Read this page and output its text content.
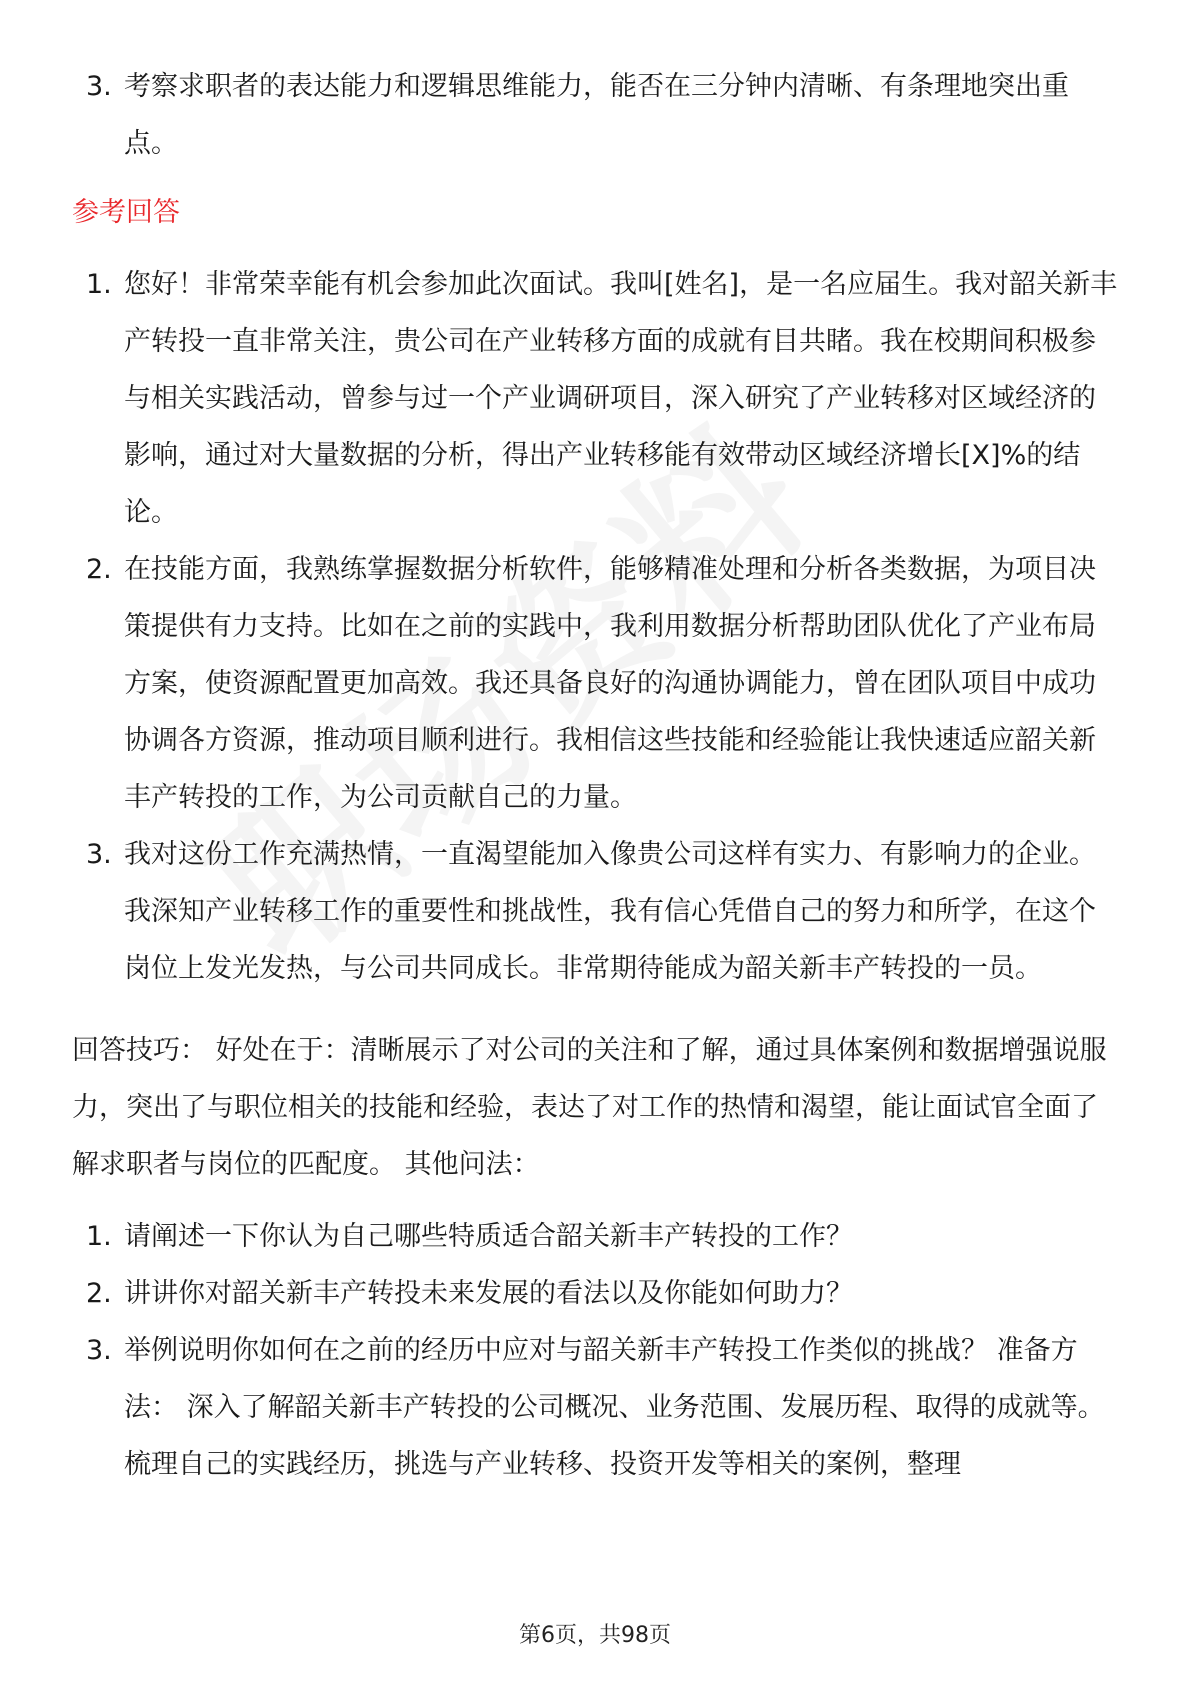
3. 考察求职者的表达能力和逻辑思维能力，能否在三分钟内清晰、有条理地突出重点。
参考回答
1. 您好！非常荣幸能有机会参加此次面试。我叫[姓名]，是一名应届生。我对韶关新丰产转投一直非常关注，贵公司在产业转移方面的成就有目共睹。我在校期间积极参与相关实践活动，曾参与过一个产业调研项目，深入研究了产业转移对区域经济的影响，通过对大量数据的分析，得出产业转移能有效带动区域经济增长[X]%的结论。
2. 在技能方面，我熟练掌握数据分析软件，能够精准处理和分析各类数据，为项目决策提供有力支持。比如在之前的实践中，我利用数据分析帮助团队优化了产业布局方案，使资源配置更加高效。我还具备良好的沟通协调能力，曾在团队项目中成功协调各方资源，推动项目顺利进行。我相信这些技能和经验能让我快速适应韶关新丰产转投的工作，为公司贡献自己的力量。
3. 我对这份工作充满热情，一直渴望能加入像贵公司这样有实力、有影响力的企业。我深知产业转移工作的重要性和挑战性，我有信心凭借自己的努力和所学，在这个岗位上发光发热，与公司共同成长。非常期待能成为韶关新丰产转投的一员。
回答技巧： 好处在于：清晰展示了对公司的关注和了解，通过具体案例和数据增强说服力，突出了与职位相关的技能和经验，表达了对工作的热情和渴望，能让面试官全面了解求职者与岗位的匹配度。 其他问法：
1. 请阐述一下你认为自己哪些特质适合韶关新丰产转投的工作？
2. 讲讲你对韶关新丰产转投未来发展的看法以及你能如何助力？
3. 举例说明你如何在之前的经历中应对与韶关新丰产转投工作类似的挑战？ 准备方法： 深入了解韶关新丰产转投的公司概况、业务范围、发展历程、取得的成就等。梳理自己的实践经历，挑选与产业转移、投资开发等相关的案例，整理
第6页，共98页
